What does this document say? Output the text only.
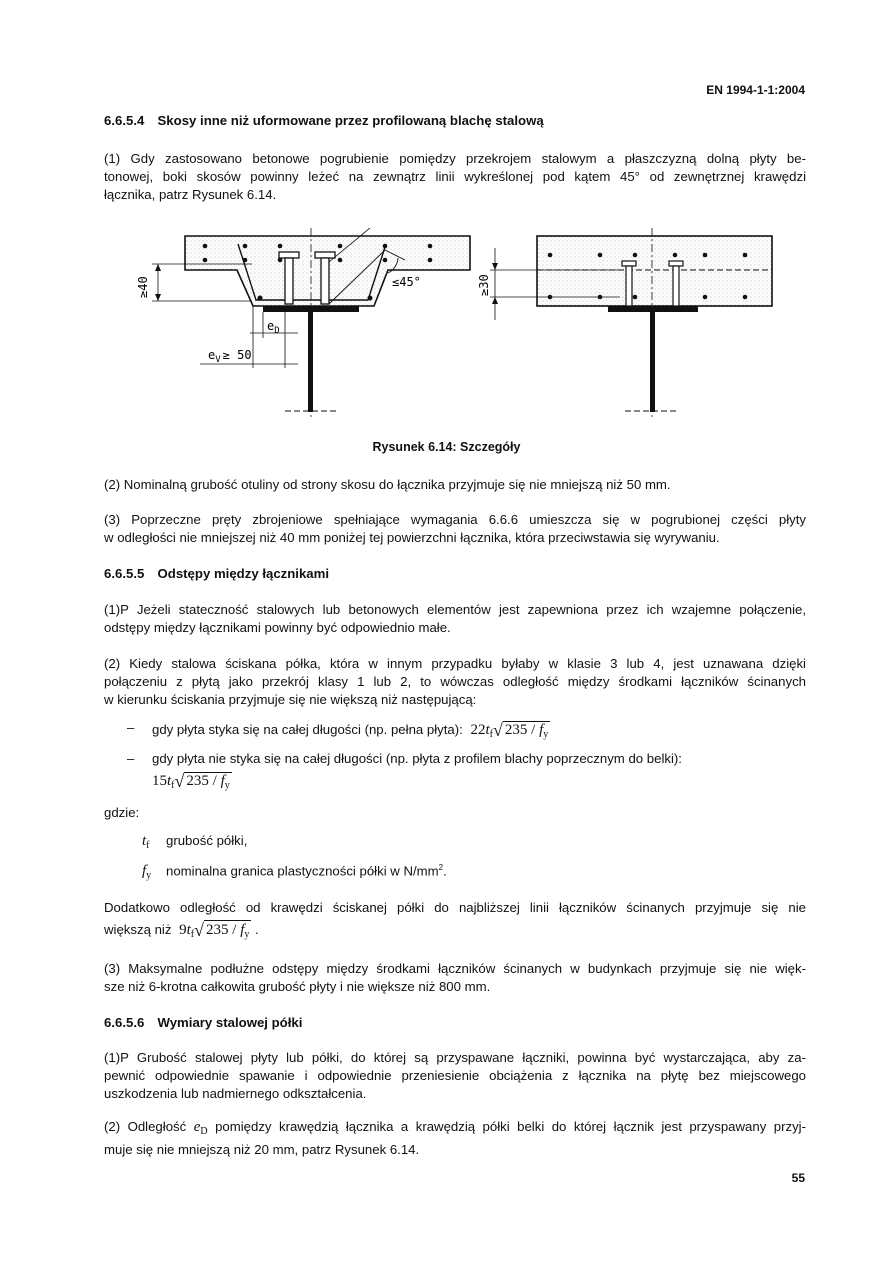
EN 1994-1-1:2004
6.6.5.4 Skosy inne niż uformowane przez profilowaną blachę stalową
(1) Gdy zastosowano betonowe pogrubienie pomiędzy przekrojem stalowym a płaszczyzną dolną płyty be-
tonowej, boki skosów powinny leżeć na zewnątrz linii wykreślonej pod kątem 45° od zewnętrznej krawędzi
łącznika, patrz Rysunek 6.14.
≥40	≤45°
$e_D$
$e_V \ge 50$
≥30
Rysunek 6.14: Szczegóły
(2) Nominalną grubość otuliny od strony skosu do łącznika przyjmuje się nie mniejszą niż 50 mm.
(3) Poprzeczne pręty zbrojeniowe spełniające wymagania 6.6.6 umieszcza się w pogrubionej części płyty
w odległości nie mniejszej niż 40 mm poniżej tej powierzchni łącznika, która przeciwstawia się wyrywaniu.
6.6.5.5 Odstępy między łącznikami
(1)P Jeżeli stateczność stalowych lub betonowych elementów jest zapewniona przez ich wzajemne połączenie,
odstępy między łącznikami powinny być odpowiednio małe.
(2) Kiedy stalowa ściskana półka, która w innym przypadku byłaby w klasie 3 lub 4, jest uznawana dzięki
połączeniu z płytą jako przekrój klasy 1 lub 2, to wówczas odległość między środkami łączników ścinanych
w kierunku ściskania przyjmuje się nie większą niż następującą:
– gdy płyta styka się na całej długości (np. pełna płyta): $22t_f√$ $235 / f_y$
– gdy płyta nie styka się na całej długości (np. płyta z profilem blachy poprzecznym do belki):
$15t_f√$ $235 / f_y$
gdzie:
$t_f$ grubość półki,
$f_y$ nominalna granica plastyczności półki w $N/mm^2$.
Dodatkowo odległość od krawędzi ściskanej półki do najbliższej linii łączników ścinanych przyjmuje się nie
większą niż $9t_f√$ $235 / f_y$ .
(3) Maksymalne podłużne odstępy między środkami łączników ścinanych w budynkach przyjmuje się nie więk-
sze niż 6-krotna całkowita grubość płyty i nie większe niż 800 mm.
6.6.5.6 Wymiary stalowej półki
(1)P Grubość stalowej płyty lub półki, do której są przyspawane łączniki, powinna być wystarczająca, aby za-
pewnić odpowiednie spawanie i odpowiednie przeniesienie obciążenia z łącznika na płytę bez miejscowego
uszkodzenia lub nadmiernego odkształcenia.
(2) Odległość $e_D$ pomiędzy krawędzią łącznika a krawędzią półki belki do której łącznik jest przyspawany przyj-
muje się nie mniejszą niż 20 mm, patrz Rysunek 6.14.
55
